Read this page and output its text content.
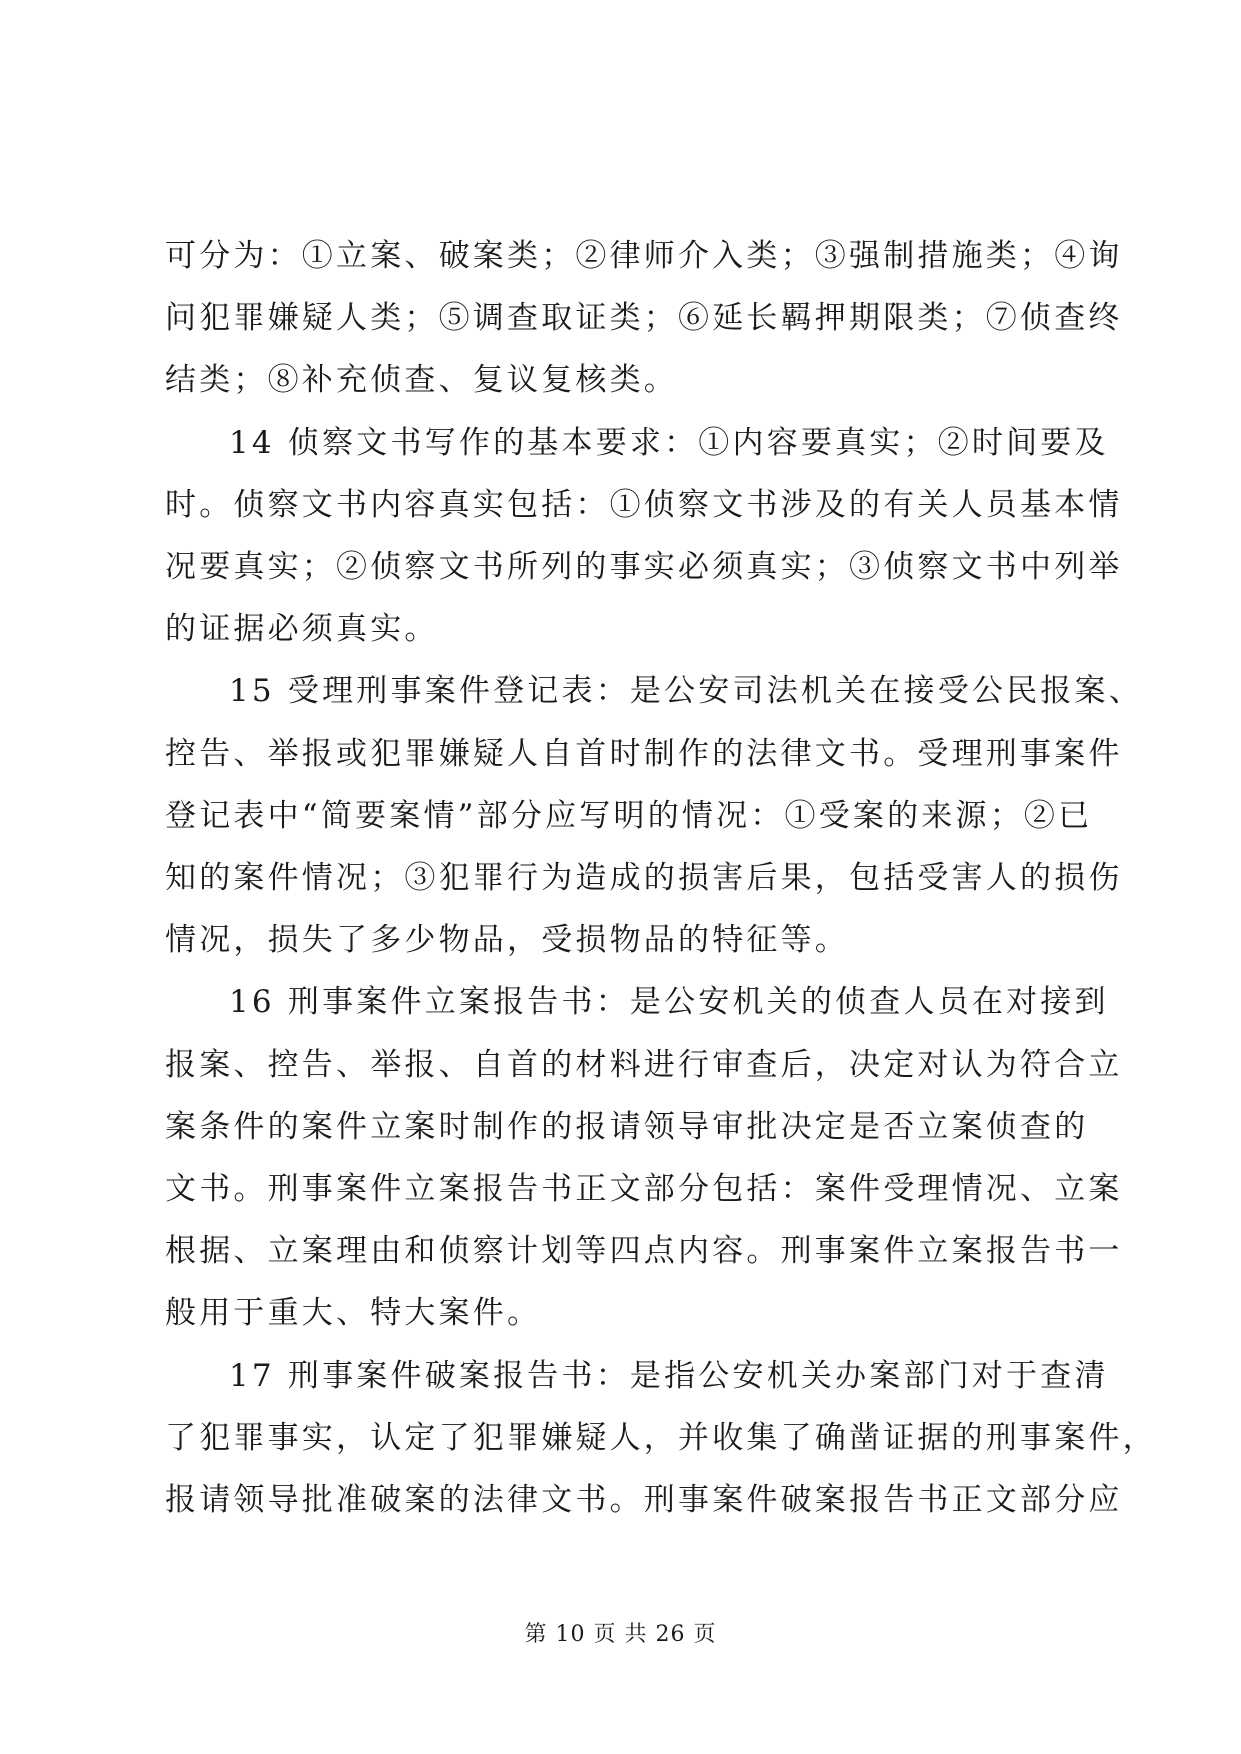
可分为：①立案、破案类；②律师介入类；③强制措施类；④询
问犯罪嫌疑人类；⑤调查取证类；⑥延长羁押期限类；⑦侦查终
结类；⑧补充侦查、复议复核类。
14 侦察文书写作的基本要求：①内容要真实；②时间要及
时。侦察文书内容真实包括：①侦察文书涉及的有关人员基本情
况要真实；②侦察文书所列的事实必须真实；③侦察文书中列举
的证据必须真实。
15 受理刑事案件登记表：是公安司法机关在接受公民报案、
控告、举报或犯罪嫌疑人自首时制作的法律文书。受理刑事案件
登记表中“简要案情”部分应写明的情况：①受案的来源；②已
知的案件情况；③犯罪行为造成的损害后果，包括受害人的损伤
情况，损失了多少物品，受损物品的特征等。
16 刑事案件立案报告书：是公安机关的侦查人员在对接到
报案、控告、举报、自首的材料进行审查后，决定对认为符合立
案条件的案件立案时制作的报请领导审批决定是否立案侦查的
文书。刑事案件立案报告书正文部分包括：案件受理情况、立案
根据、立案理由和侦察计划等四点内容。刑事案件立案报告书一
般用于重大、特大案件。
17 刑事案件破案报告书：是指公安机关办案部门对于查清
了犯罪事实，认定了犯罪嫌疑人，并收集了确凿证据的刑事案件，
报请领导批准破案的法律文书。刑事案件破案报告书正文部分应

第 10 页 共 26 页
